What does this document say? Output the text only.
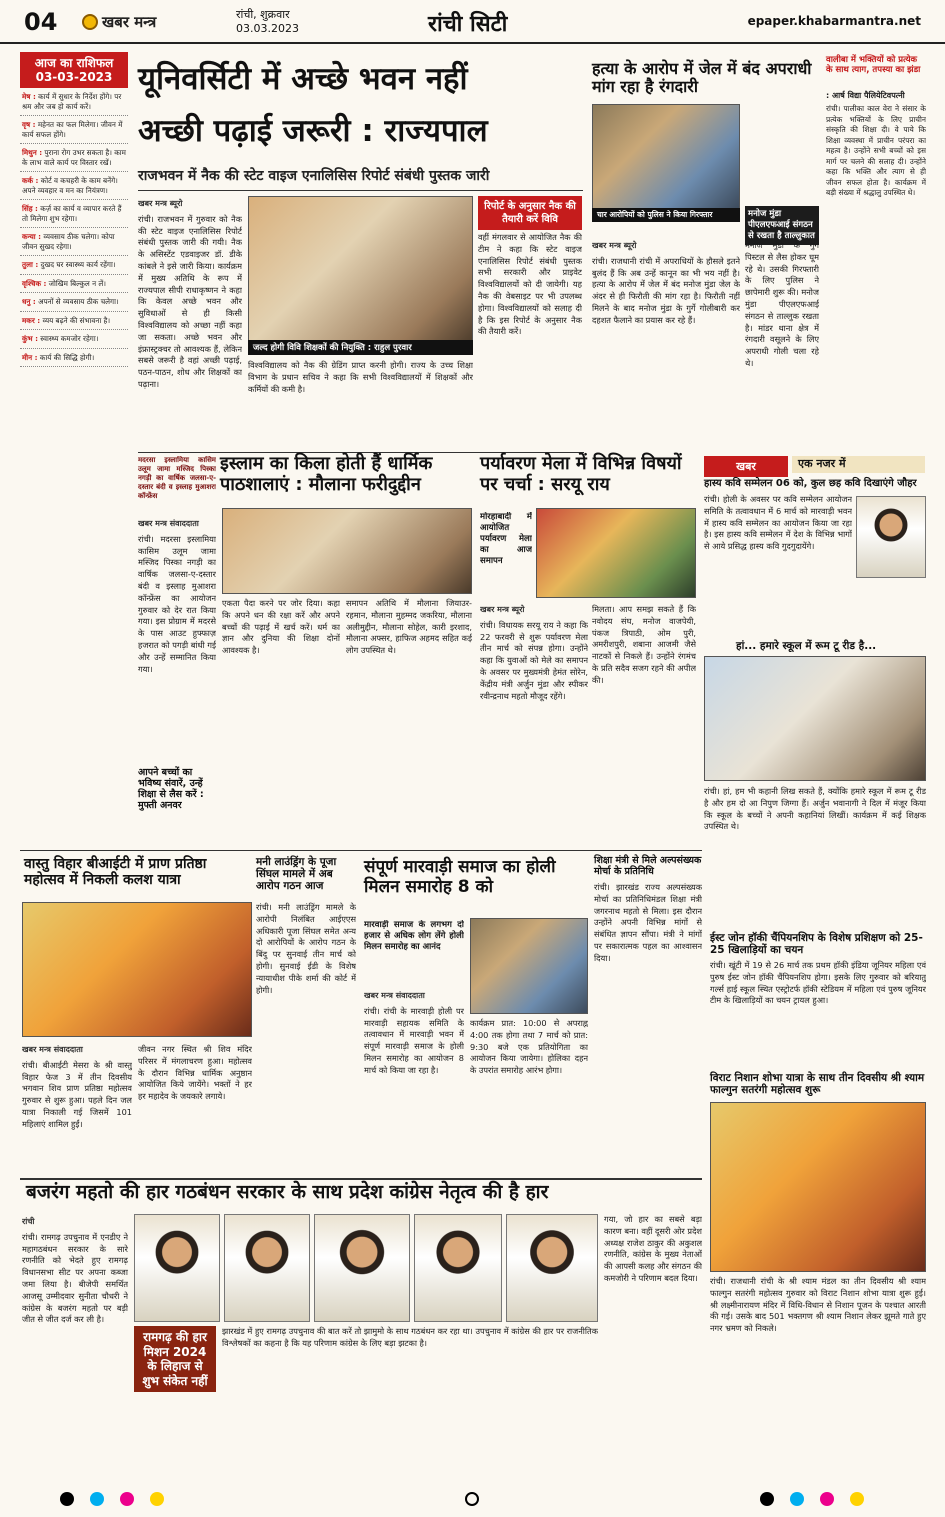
04	खबर मन्त्र	रांची, शुक्रवार
03.03.2023	रांची सिटी	epaper.khabarmantra.net
आज का राशिफल
03-03-2023
मेष : कार्य में सुधार के निर्देश होंगे। पर श्रम और जब हो कार्य करें।
वृष : महेनत का फल मिलेगा। जीवन में कार्य सफल होंगे।
मिथुन : पुराना रोग उभर सकता है। काम के लाभ वाले कार्य पर विस्तार रखें।
कर्क : कोर्ट व कचहरी के काम बनेंगे। अपने व्यवहार व मन का नियंत्रण।
सिंह : कर्ज़ का कार्य व व्यापार करते हैं तो मिलेगा शुभ रहेगा।
कन्या : व्यवसाय ठीक चलेगा। कोपा जीवन सुखद रहेगा।
तुला : दुखद घर स्वास्थ्य कार्य रहेंगा।
वृश्चिक : जोखिम बिल्कुल न लें।
धनु : अपनों से व्यवसाय ठीक चलेगा।
मकर : व्यय बढ़ने की संभावना है।
कुंभ : स्वास्थ्य कमजोर रहेगा।
मीन : कार्य की सिद्धि होगी।
यूनिवर्सिटी में अच्छे भवन नहीं
अच्छी पढ़ाई जरूरी : राज्यपाल
राजभवन में नैक की स्टेट वाइज एनालिसिस रिपोर्ट संबंधी पुस्तक जारी
खबर मन्त्र ब्यूरो
रांची। राजभवन में गुरुवार को नैक की स्टेट वाइज एनालिसिस रिपोर्ट संबंधी पुस्तक जारी की गयी। नैक के असिस्टेंट एडवाइजर डॉ. डीके कांबले ने इसे जारी किया। कार्यक्रम में मुख्य अतिथि के रूप में राज्यपाल सीपी राधाकृष्णन ने कहा कि केवल अच्छे भवन और सुविधाओं से ही किसी विश्वविद्यालय को अच्छा नहीं कहा जा सकता। अच्छे भवन और इंफ्रास्ट्रक्चर तो आवश्यक हैं, लेकिन सबसे जरूरी है वहां अच्छी पढ़ाई, पठन-पाठन, शोध और शिक्षकों का पढ़ाना।
जल्द होगी विवि शिक्षकों की नियुक्ति : राहुल पुरवार
विश्वविद्यालय को नैक की ग्रेडिंग प्राप्त करनी होगी। राज्य के उच्च शिक्षा विभाग के प्रधान सचिव ने कहा कि सभी विश्वविद्यालयों में शिक्षकों और कर्मियों की कमी है।
रिपोर्ट के अनुसार नैक की तैयारी करें विवि
वहीं मंगलवार से आयोजित नैक की टीम ने कहा कि स्टेट वाइज एनालिसिस रिपोर्ट संबंधी पुस्तक सभी सरकारी और प्राइवेट विश्वविद्यालयों को दी जायेगी। यह नैक की वेबसाइट पर भी उपलब्ध होगा। विश्वविद्यालयों को सलाह दी है कि इस रिपोर्ट के अनुसार नैक की तैयारी करें।
हत्या के आरोप में जेल में बंद अपराधी मांग रहा है रंगदारी
चार आरोपियों को पुलिस ने किया गिरफ्तार	मनोज मुंडा पीएलएफआई संगठन से रखता है ताल्लुकात
खबर मन्त्र ब्यूरो
रांची। राजधानी रांची में अपराधियों के हौसले इतने बुलंद हैं कि अब उन्हें कानून का भी भय नहीं है। हत्या के आरोप में जेल में बंद मनोज मुंडा जेल के अंदर से ही फिरौती की मांग रहा है। फिरौती नहीं मिलने के बाद मनोज मुंडा के गुर्गे गोलीबारी कर दहशत फैलाने का प्रयास कर रहे हैं।
मनोज मुंडा के गुर्गे पिस्टल से लैस होकर घूम रहे थे। उसकी गिरफ्तारी के लिए पुलिस ने छापेमारी शुरू की। मनोज मुंडा पीएलएफआई संगठन से ताल्लुक रखता है। मांडर थाना क्षेत्र में रंगदारी वसूलने के लिए अपराधी गोली चला रहे थे।
वालीबा में भक्तियों को प्रत्येक के साथ त्याग, तपस्या का झंडा
: आर्ष विद्या पैलियेटिवपत्नी
रांची। पालीका काल वेरा ने संसार के प्रत्येक भक्तियों के लिए प्राचीन संस्कृति की शिक्षा दी। वे पाये कि शिक्षा व्यवस्था में प्राचीन परंपरा का महत्व है। उन्होंने सभी बच्चों को इस मार्ग पर चलने की सलाह दी। उन्होंने कहा कि भक्ति और त्याग से ही जीवन सफल होता है। कार्यक्रम में बड़ी संख्या में श्रद्धालु उपस्थित थे।
मदरसा इस्लामिया कासिम उलूम जामा मस्जिद पिस्का नगड़ी का वार्षिक जलसा-ए-दस्तार बंदी व इस्लाह मुआशरा कॉन्फ्रेंस
इस्लाम का किला होती हैं धार्मिक पाठशालाएं : मौलाना फरीदुद्दीन
खबर मन्त्र संवाददाता
रांची। मदरसा इस्लामिया कासिम उलूम जामा मस्जिद पिस्का नगड़ी का वार्षिक जलसा-ए-दस्तार बंदी व इस्लाह मुआशरा कॉन्फ्रेंस का आयोजन गुरुवार को देर रात किया गया। इस प्रोग्राम में मदरसे के पास आउट हुफ्फाज़ हजरात को पगड़ी बांधी गई और उन्हें सम्मानित किया गया।
आपने बच्चों का भविष्य संवारें, उन्हें शिक्षा से लैस करें : मुफ्ती अनवर
एकता पैदा करने पर जोर दिया। कहा कि अपने धन की रक्षा करें और अपने बच्चों की पढ़ाई में खर्च करें। धर्म का ज्ञान और दुनिया की शिक्षा दोनों आवश्यक है।
समापन अतिथि में मौलाना जियाउर-रहमान, मौलाना मुहम्मद जकरिया, मौलाना अलीमुद्दीन, मौलाना सोहेल, कारी इरशाद, मौलाना अफ्सर, हाफिज अहमद सहित कई लोग उपस्थित थे।
पर्यावरण मेला में विभिन्न विषयों पर चर्चा : सरयू राय
मोरहाबादी में आयोजित पर्यावरण मेला का आज समापन
खबर मन्त्र ब्यूरो
रांची। विधायक सरयू राय ने कहा कि 22 फरवरी से शुरू पर्यावरण मेला तीन मार्च को संपन्न होगा। उन्होंने कहा कि युवाओं को मेले का समापन के अवसर पर मुख्यमंत्री हेमंत सोरेन, केंद्रीय मंत्री अर्जुन मुंडा और स्पीकर रवीन्द्रनाथ महतो मौजूद रहेंगे।
मिलता। आप समझ सकते हैं कि नवोदय संघ, मनोज वाजपेयी, पंकज त्रिपाठी, ओम पुरी, अमरीशपुरी, शबाना आजमी जैसे नाटकों से निकले हैं। उन्होंने रंगमंच के प्रति सदैव सजग रहने की अपील की।
खबर	एक नजर में
हास्य कवि सम्मेलन 06 को, कुल छह कवि दिखाएंगे जौहर
रांची। होली के अवसर पर कवि सम्मेलन आयोजन समिति के तत्वावधान में 6 मार्च को मारवाड़ी भवन में हास्य कवि सम्मेलन का आयोजन किया जा रहा है। इस हास्य कवि सम्मेलन में देश के विभिन्न भागों से आये प्रसिद्ध हास्य कवि गुदगुदायेंगे।
हां... हमारे स्कूल में रूम टू रीड है...
रांची। हां, हम भी कहानी लिख सकते हैं, क्योंकि हमारे स्कूल में रूम टू रीड है और हम दो आ निपुण जिग्गा हैं। अर्जुन भवानागी ने दिल में मंजूर किया कि स्कूल के बच्चों ने अपनी कहानियां लिखीं। कार्यक्रम में कई शिक्षक उपस्थित थे।
वास्तु विहार बीआईटी में प्राण प्रतिष्ठा महोत्सव में निकली कलश यात्रा
खबर मन्त्र संवाददाता
रांची। बीआईटी मेसरा के श्री वास्तु विहार फेज 3 में तीन दिवसीय भगवान शिव प्राण प्रतिष्ठा महोत्सव गुरुवार से शुरू हुआ। पहले दिन जल यात्रा निकाली गई जिसमें 101 महिलाएं शामिल हुईं।
जीवन नगर स्थित श्री शिव मंदिर परिसर में मंगलाचरण हुआ। महोत्सव के दौरान विभिन्न धार्मिक अनुष्ठान आयोजित किये जायेंगे। भक्तों ने हर हर महादेव के जयकारे लगाये।
मनी लाउंड्रिंग के पूजा सिंघल मामले में अब आरोप गठन आज
रांची। मनी लाउंड्रिंग मामले के आरोपी निलंबित आईएएस अधिकारी पूजा सिंघल समेत अन्य दो आरोपियों के आरोप गठन के बिंदु पर सुनवाई तीन मार्च को होगी। सुनवाई ईडी के विशेष न्यायाधीश पीके शर्मा की कोर्ट में होगी।
संपूर्ण मारवाड़ी समाज का होली मिलन समारोह 8 को
मारवाड़ी समाज के लगभग दो हजार से अधिक लोग लेंगे होली मिलन समारोह का आनंद
खबर मन्त्र संवाददाता
रांची। रांची के मारवाड़ी होली पर मारवाड़ी सहायक समिति के तत्वावधान में मारवाड़ी भवन में संपूर्ण मारवाड़ी समाज के होली मिलन समारोह का आयोजन 8 मार्च को किया जा रहा है।
कार्यक्रम प्रात: 10:00 से अपराह्न 4:00 तक होगा तथा 7 मार्च को प्रात: 9:30 बजे एक प्रतियोगिता का आयोजन किया जायेगा। होलिका दहन के उपरांत समारोह आरंभ होगा।
शिक्षा मंत्री से मिले अल्पसंख्यक मोर्चा के प्रतिनिधि
रांची। झारखंड राज्य अल्पसंख्यक मोर्चा का प्रतिनिधिमंडल शिक्षा मंत्री जगरनाथ महतो से मिला। इस दौरान उन्होंने अपनी विभिन्न मांगों से संबंधित ज्ञापन सौंपा। मंत्री ने मांगों पर सकारात्मक पहल का आश्वासन दिया।
ईस्ट जोन हॉकी चैंपियनशिप के विशेष प्रशिक्षण को 25-25 खिलाड़ियों का चयन
रांची। खूंटी में 19 से 26 मार्च तक प्रथम हॉकी इंडिया जूनियर महिला एवं पुरुष ईस्ट जोन हॉकी चैंपियनशिप होगा। इसके लिए गुरुवार को बरियातु गर्ल्स हाई स्कूल स्थित एस्ट्रोटर्फ हॉकी स्टेडियम में महिला एवं पुरुष जूनियर टीम के खिलाड़ियों का चयन ट्रायल हुआ।
विराट निशान शोभा यात्रा के साथ तीन दिवसीय श्री श्याम फाल्गुन सतरंगी महोत्सव शुरू
रांची। राजधानी रांची के श्री श्याम मंडल का तीन दिवसीय श्री श्याम फाल्गुन सतरंगी महोत्सव गुरुवार को विराट निशान शोभा यात्रा शुरू हुई। श्री लक्ष्मीनारायण मंदिर में विधि-विधान से निशान पूजन के पश्चात आरती की गई। उसके बाद 501 भक्तगण श्री श्याम निशान लेकर झूमते गाते हुए नगर भ्रमण को निकले।
बजरंग महतो की हार गठबंधन सरकार के साथ प्रदेश कांग्रेस नेतृत्व की है हार
रांची
रांची। रामगढ़ उपचुनाव में एनडीए ने महागठबंधन सरकार के सारे रणनीति को भेदते हुए रामगढ़ विधानसभा सीट पर अपना कब्जा जमा लिया है। बीजेपी समर्थित आजसू उम्मीदवार सुनीता चौधरी ने कांग्रेस के बजरंग महतो पर बड़ी जीत से जीत दर्ज कर ली है।
रामगढ़ की हार मिशन 2024 के लिहाज से शुभ संकेत नहीं
झारखंड में हुए रामगढ़ उपचुनाव की बात करें तो झामुमो के साथ गठबंधन कर रहा था। उपचुनाव में कांग्रेस की हार पर राजनीतिक विश्लेषकों का कहना है कि यह परिणाम कांग्रेस के लिए बड़ा झटका है।
गया, जो हार का सबसे बड़ा कारण बना। वहीं दूसरी ओर प्रदेश अध्यक्ष राजेश ठाकुर की अकुशल रणनीति, कांग्रेस के मुख्य नेताओं की आपसी कलह और संगठन की कमजोरी ने परिणाम बदल दिया।
